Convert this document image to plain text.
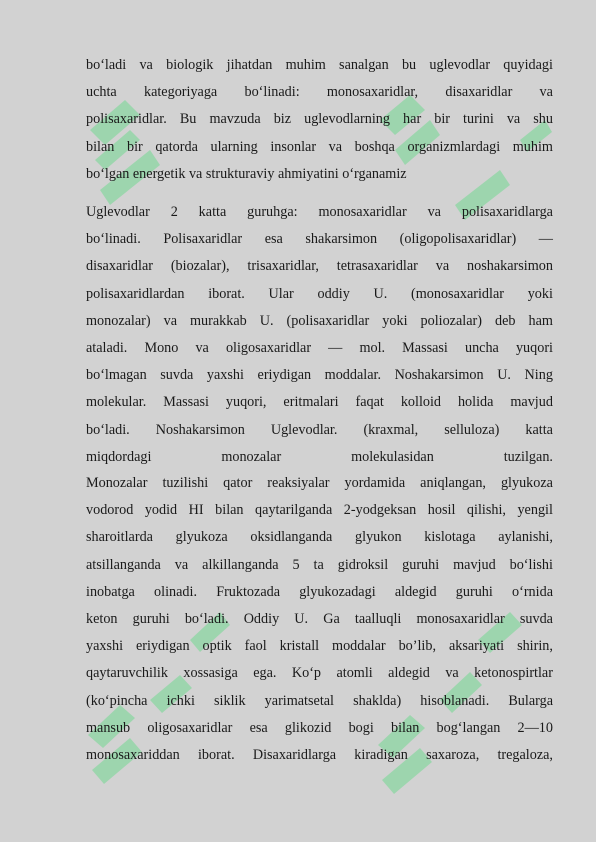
bo‘ladi va biologik jihatdan muhim sanalgan bu uglevodlar quyidagi
uchta kategoriyaga bo‘linadi: monosaxaridlar, disaxaridlar va
polisaxaridlar. Bu mavzuda biz uglevodlarning har bir turini va shu
bilan bir qatorda ularning insonlar va boshqa organizmlardagi muhim
bo‘lgan energetik va strukturaviy ahmiyatini o‘rganamiz
Uglevodlar 2 katta guruhga: monosaxaridlar va polisaxaridlarga
bo‘linadi. Polisaxaridlar esa shakarsimon (oligopolisaxaridlar) —
disaxaridlar (biozalar), trisaxaridlar, tetrasaxaridlar va noshakarsimon
polisaxaridlardan iborat. Ular oddiy U. (monosaxaridlar yoki
monozalar) va murakkab U. (polisaxaridlar yoki poliozalar) deb ham
ataladi. Mono va oligosaxaridlar — mol. Massasi uncha yuqori
bo‘lmagan suvda yaxshi eriydigan moddalar. Noshakarsimon U. Ning
molekular. Massasi yuqori, eritmalari faqat kolloid holida mavjud
bo‘ladi. Noshakarsimon Uglevodlar. (kraxmal, selluloza) katta
miqdordagi	monozalar	molekulasidan	tuzilgan.
Monozalar tuzilishi qator reaksiyalar yordamida aniqlangan, glyukoza
vodorod yodid HI bilan qaytarilganda 2-yodgeksan hosil qilishi, yengil
sharoitlarda glyukoza oksidlanganda glyukon kislotaga aylanishi,
atsillanganda va alkillanganda 5 ta gidroksil guruhi mavjud bo‘lishi
inobatga olinadi. Fruktozada glyukozadagi aldegid guruhi o‘rnida
keton guruhi bo‘ladi. Oddiy U. Ga taalluqli monosaxaridlar suvda
yaxshi eriydigan optik faol kristall moddalar bo’lib, aksariyati shirin,
qaytaruvchilik xossasiga ega. Ko‘p atomli aldegid va ketonospirtlar
(ko‘pincha ichki siklik yarimatsetal shaklda) hisoblanadi. Bularga
mansub oligosaxaridlar esa glikozid bogi bilan bog‘langan 2—10
monosaxariddan iborat. Disaxaridlarga kiradigan saxaroza, tregaloza,
